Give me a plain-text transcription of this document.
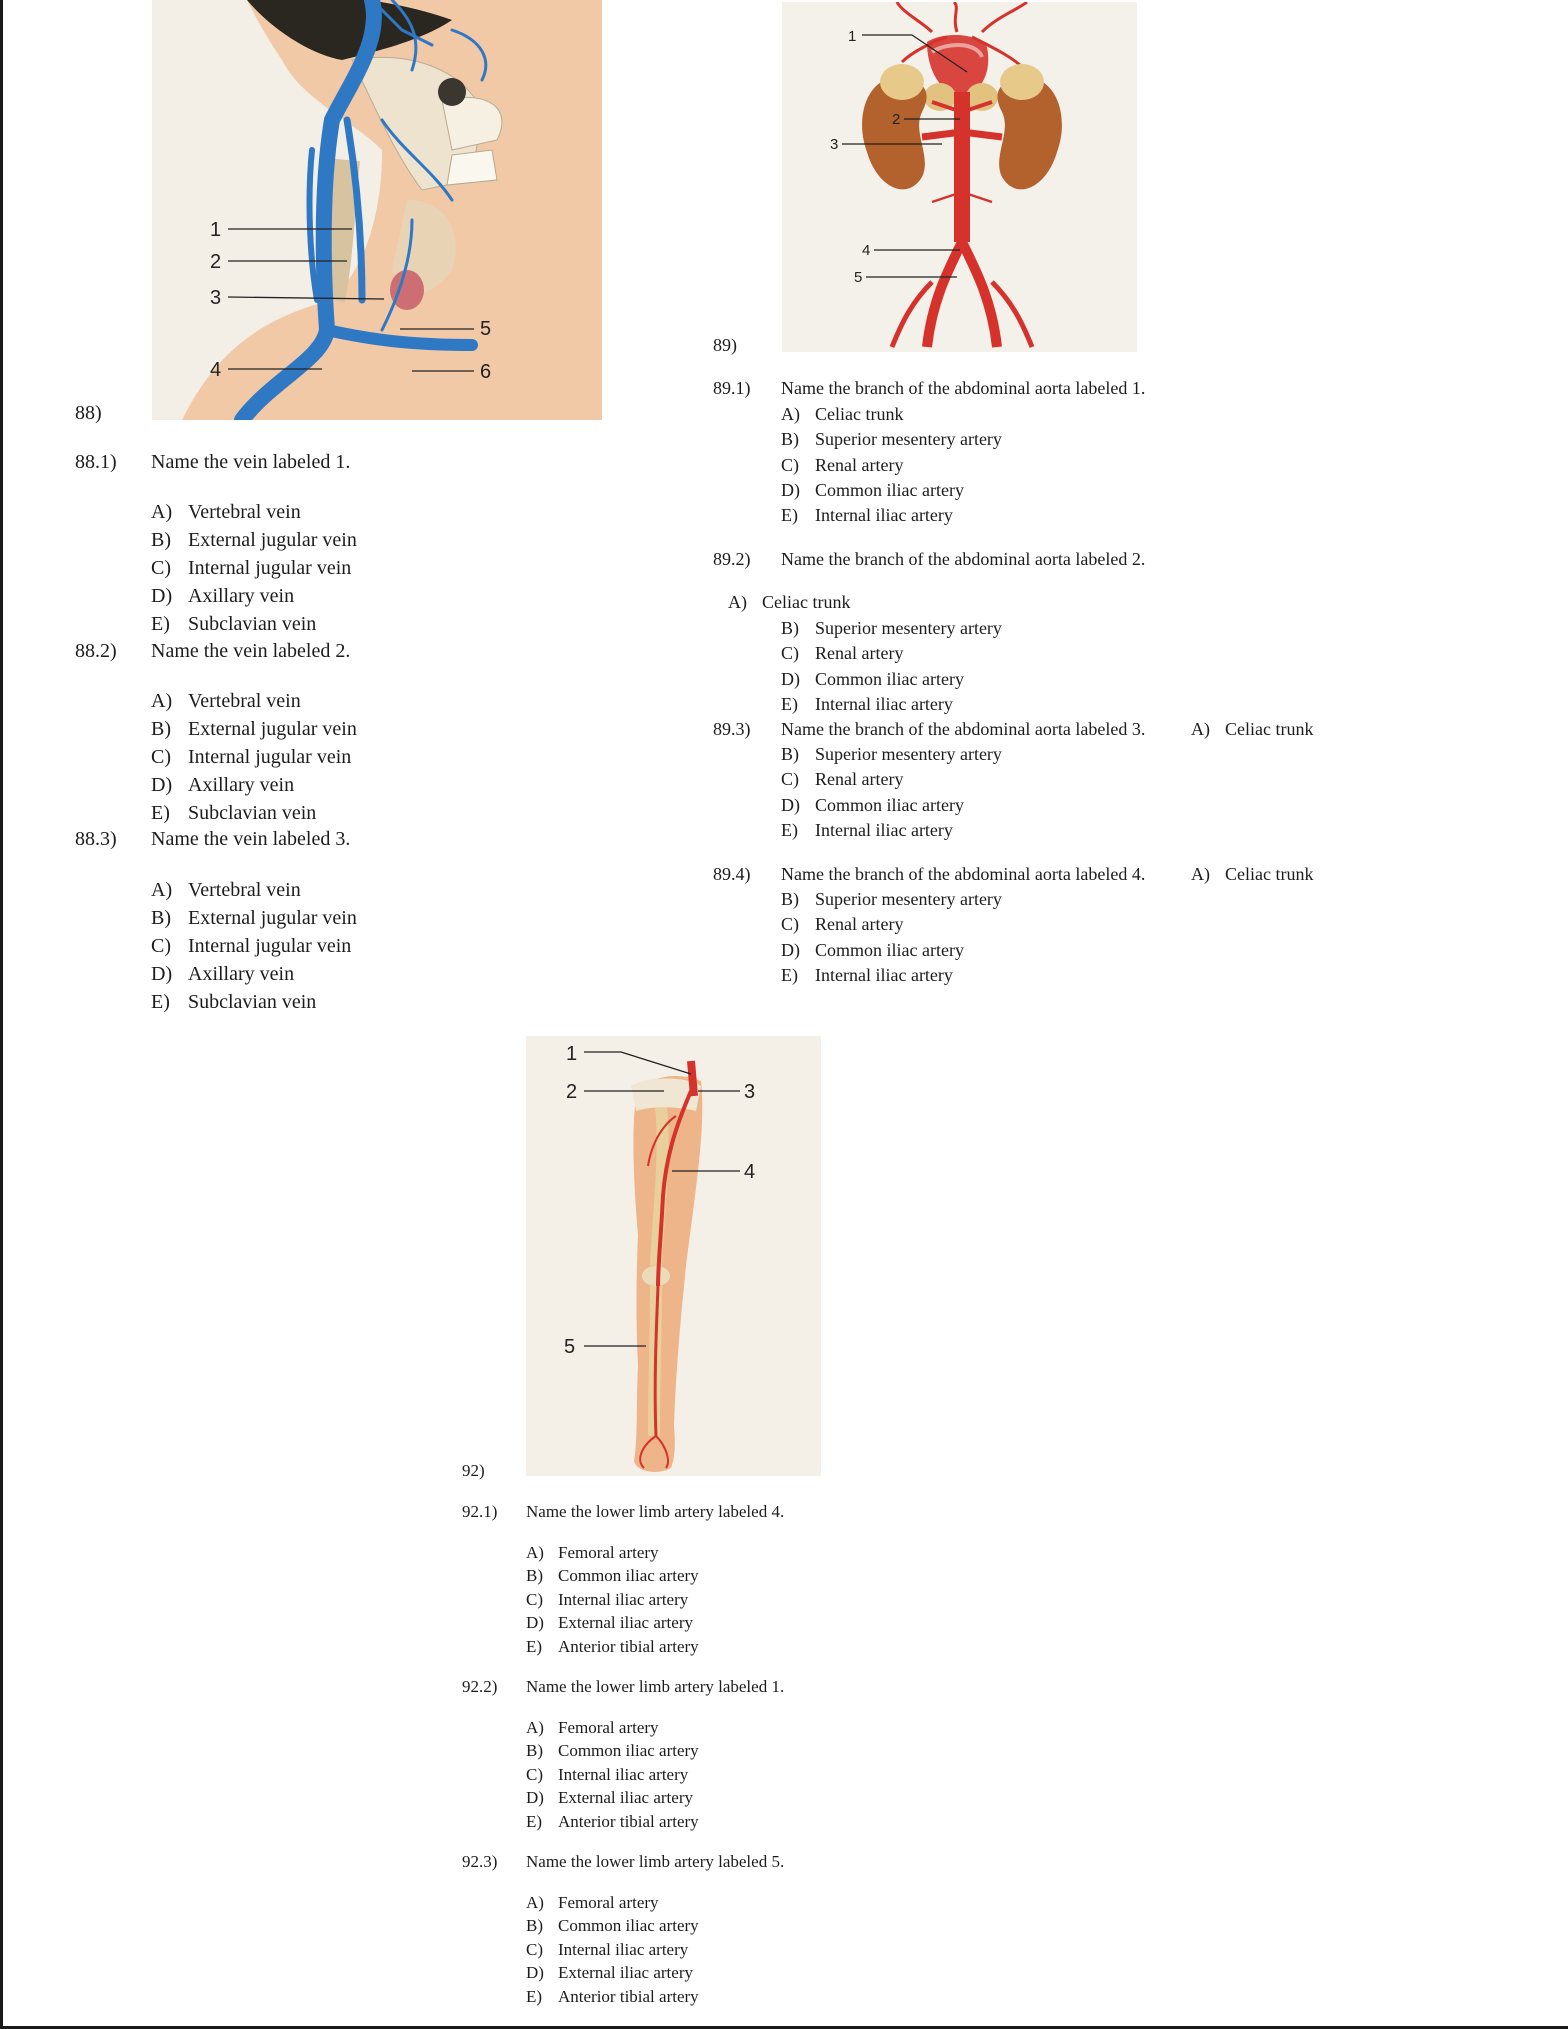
1
2
3
4
5
6
88)
88.1) Name the vein labeled 1.
A) Vertebral vein
B) External jugular vein
C) Internal jugular vein
D) Axillary vein
E) Subclavian vein
88.2) Name the vein labeled 2.
A) Vertebral vein
B) External jugular vein
C) Internal jugular vein
D) Axillary vein
E) Subclavian vein
88.3) Name the vein labeled 3.
A) Vertebral vein
B) External jugular vein
C) Internal jugular vein
D) Axillary vein
E) Subclavian vein
1
2
3
4
5
89)
89.1) Name the branch of the abdominal aorta labeled 1.
A) Celiac trunk
B) Superior mesentery artery
C) Renal artery
D) Common iliac artery
E) Internal iliac artery
89.2) Name the branch of the abdominal aorta labeled 2.
A) Celiac trunk
B) Superior mesentery artery
C) Renal artery
D) Common iliac artery
E) Internal iliac artery
89.3) Name the branch of the abdominal aorta labeled 3.	A) Celiac trunk
B) Superior mesentery artery
C) Renal artery
D) Common iliac artery
E) Internal iliac artery
89.4) Name the branch of the abdominal aorta labeled 4.	A) Celiac trunk
B) Superior mesentery artery
C) Renal artery
D) Common iliac artery
E) Internal iliac artery
1
2	3
4
5
92)
92.1) Name the lower limb artery labeled 4.
A) Femoral artery
B) Common iliac artery
C) Internal iliac artery
D) External iliac artery
E) Anterior tibial artery
92.2) Name the lower limb artery labeled 1.
A) Femoral artery
B) Common iliac artery
C) Internal iliac artery
D) External iliac artery
E) Anterior tibial artery
92.3) Name the lower limb artery labeled 5.
A) Femoral artery
B) Common iliac artery
C) Internal iliac artery
D) External iliac artery
E) Anterior tibial artery
